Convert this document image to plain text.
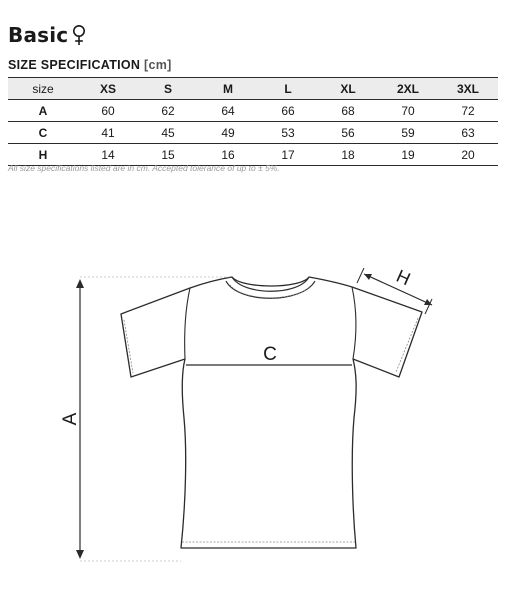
Basic
SIZE SPECIFICATION [cm]
size	XS	S	M	L	XL	2XL	3XL
A	60	62	64	66	68	70	72
C	41	45	49	53	56	59	63
H	14	15	16	17	18	19	20
All size specifications listed are in cm. Accepted tolerance of up to ± 5%.
C
A
H
